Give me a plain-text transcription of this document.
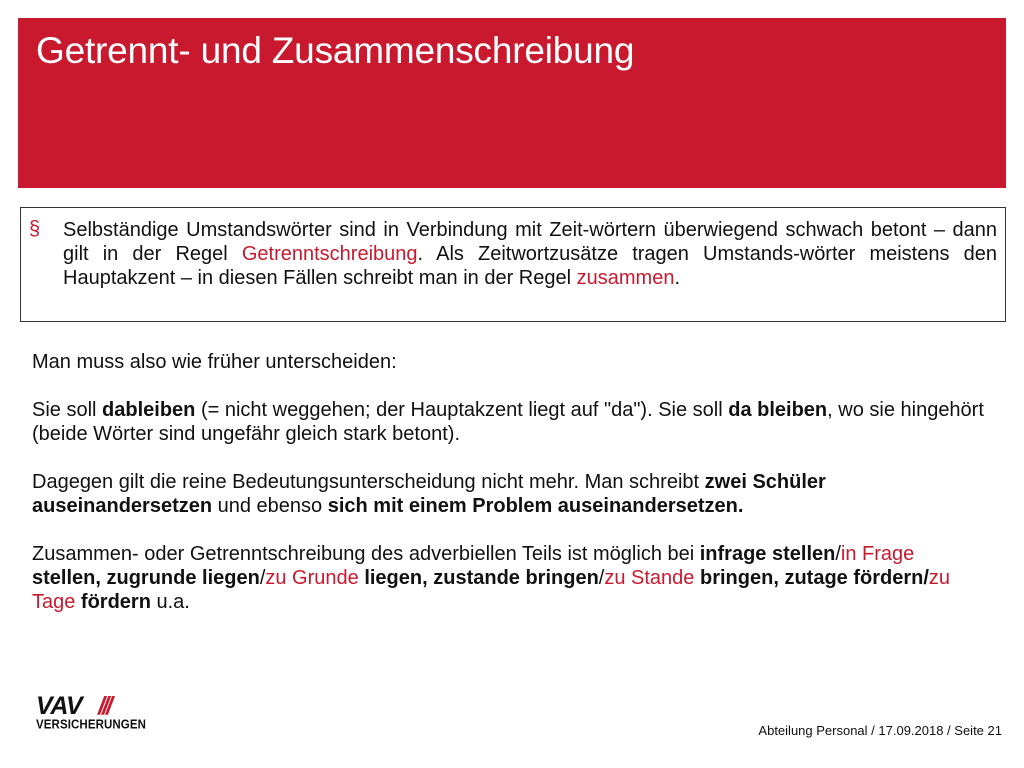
Getrennt- und Zusammenschreibung
§ Selbständige Umstandswörter sind in Verbindung mit Zeit-wörtern überwiegend schwach betont – dann gilt in der Regel Getrenntschreibung. Als Zeitwortzusätze tragen Umstands-wörter meistens den Hauptakzent – in diesen Fällen schreibt man in der Regel zusammen.

Man muss also wie früher unterscheiden:

Sie soll dableiben (= nicht weggehen; der Hauptakzent liegt auf "da"). Sie soll da bleiben, wo sie hingehört (beide Wörter sind ungefähr gleich stark betont).

Dagegen gilt die reine Bedeutungsunterscheidung nicht mehr. Man schreibt zwei Schüler auseinandersetzen und ebenso sich mit einem Problem auseinandersetzen.

Zusammen- oder Getrenntschreibung des adverbiellen Teils ist möglich bei infrage stellen/in Frage stellen, zugrunde liegen/zu Grunde liegen, zustande bringen/zu Stande bringen, zutage fördern/zu Tage fördern u.a.

VAV ///
VERSICHERUNGEN	Abteilung Personal / 17.09.2018 / Seite 21
